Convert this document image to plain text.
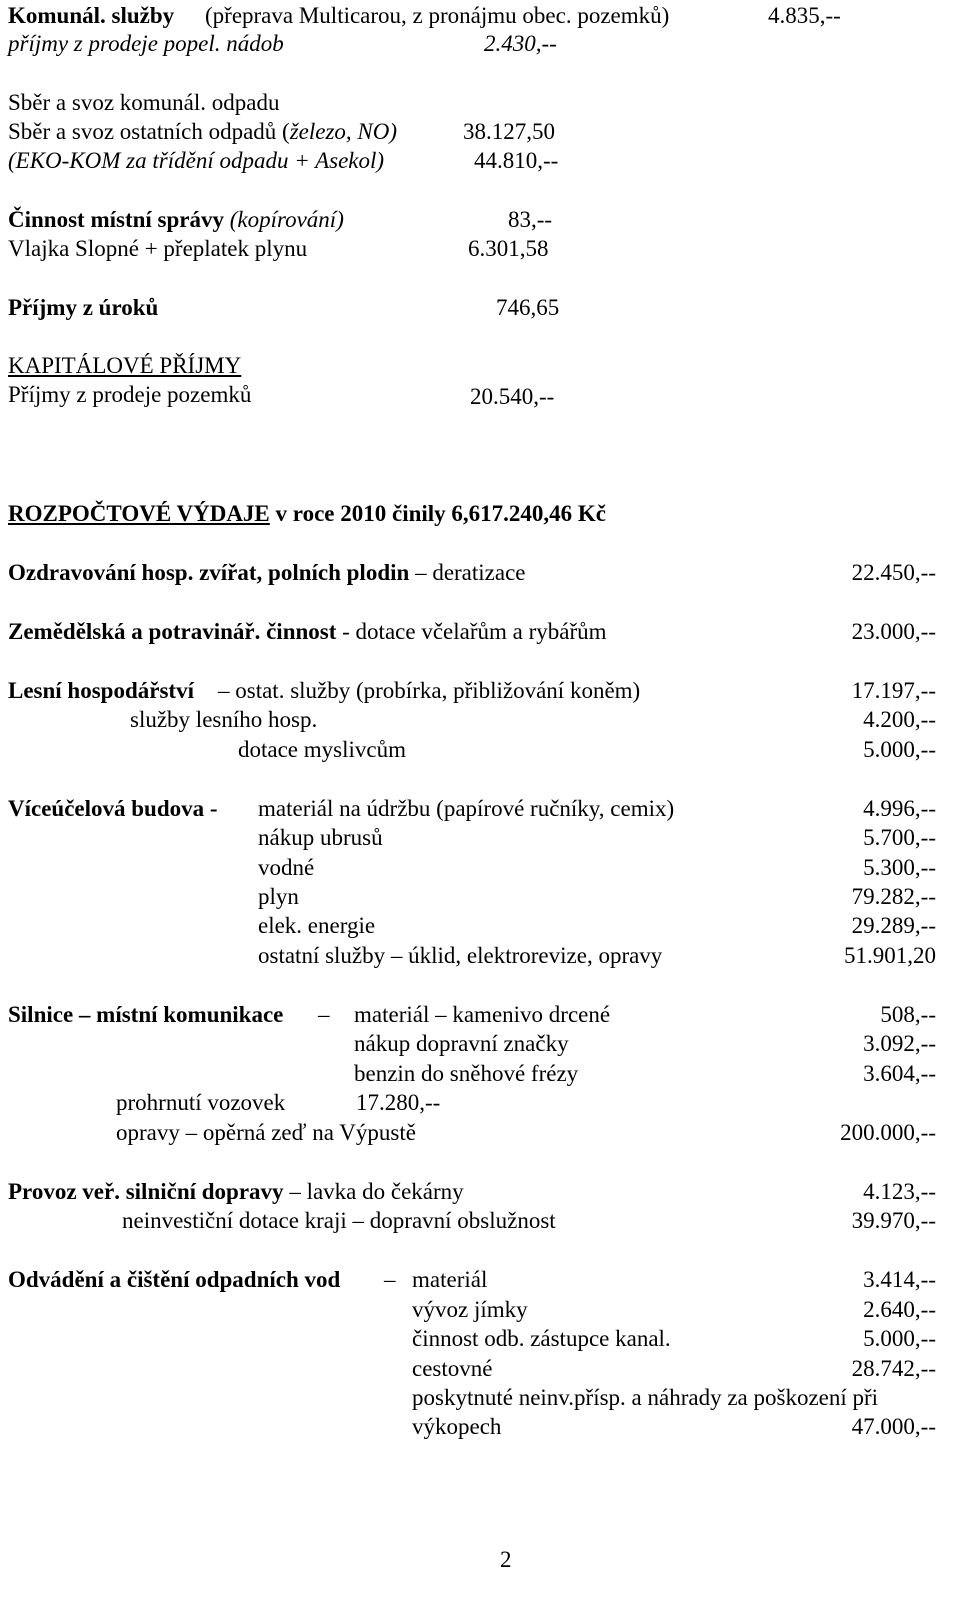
Komunál. služby (přeprava Multicarou, z pronájmu obec. pozemků)	4.835,--
příjmy z prodeje popel. nádob	2.430,--
Sběr a svoz komunál. odpadu
Sběr a svoz ostatních odpadů (železo, NO)	38.127,50
(EKO-KOM za třídění odpadu + Asekol)	44.810,--
Činnost místní správy (kopírování)	83,--
Vlajka Slopné + přeplatek plynu	6.301,58
Příjmy z úroků	746,65
KAPITÁLOVÉ PŘÍJMY
Příjmy z prodeje pozemků	20.540,--
ROZPOČTOVÉ VÝDAJE v roce 2010 činily 6,617.240,46 Kč
Ozdravování hosp. zvířat, polních plodin – deratizace	22.450,--
Zemědělská a potravinář. činnost - dotace včelařům a rybářům	23.000,--
Lesní hospodářství – ostat. služby (probírka, přibližování koněm)	17.197,--
služby lesního hosp.	4.200,--
dotace myslivcům	5.000,--
Víceúčelová budova - materiál na údržbu (papírové ručníky, cemix)	4.996,--
nákup ubrusů	5.700,--
vodné	5.300,--
plyn	79.282,--
elek. energie	29.289,--
ostatní služby – úklid, elektrorevize, opravy	51.901,20
Silnice – místní komunikace – materiál – kamenivo drcené	508,--
nákup dopravní značky	3.092,--
benzin do sněhové frézy	3.604,--
prohrnutí vozovek	17.280,--
opravy – opěrná zeď na Výpustě	200.000,--
Provoz veř. silniční dopravy – lavka do čekárny	4.123,--
neinvestiční dotace kraji – dopravní obslužnost	39.970,--
Odvádění a čištění odpadních vod – materiál	3.414,--
vývoz jímky	2.640,--
činnost odb. zástupce kanal.	5.000,--
cestovné	28.742,--
poskytnuté neinv.přísp. a náhrady za poškození při
výkopech	47.000,--
2
